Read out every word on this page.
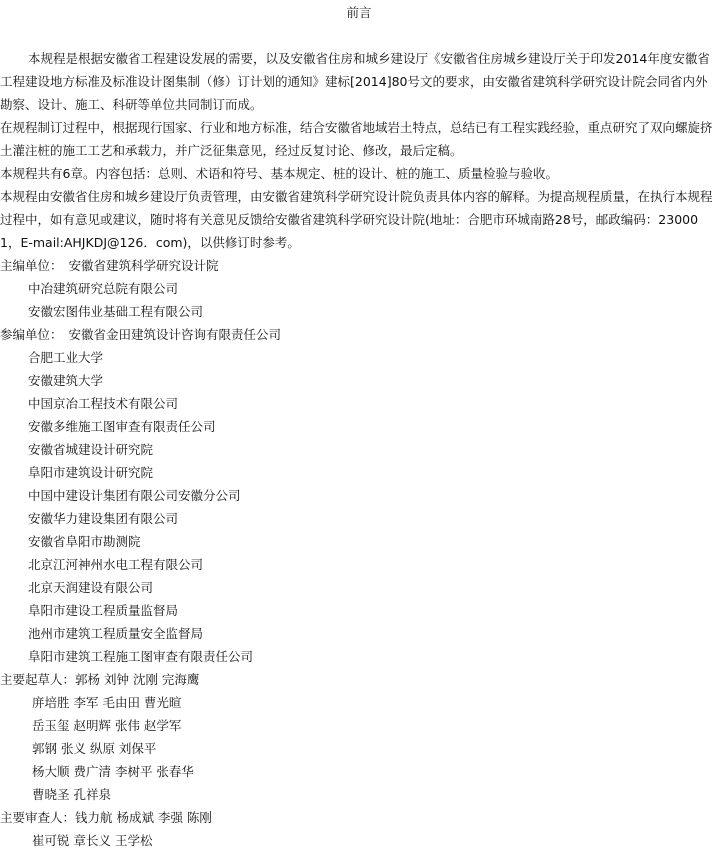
前言

本规程是根据安徽省工程建设发展的需要，以及安徽省住房和城乡建设厅《安徽省住房城乡建设厅关于印发2014年度安徽省工程建设地方标准及标准设计图集制（修）订计划的通知》建标[2014]80号文的要求，由安徽省建筑科学研究设计院会同省内外勘察、设计、施工、科研等单位共同制订而成。

在规程制订过程中，根据现行国家、行业和地方标准，结合安徽省地域岩土特点，总结已有工程实践经验，重点研究了双向螺旋挤土灌注桩的施工工艺和承载力，并广泛征集意见，经过反复讨论、修改，最后定稿。

本规程共有6章。内容包括：总则、术语和符号、基本规定、桩的设计、桩的施工、质量检验与验收。

本规程由安徽省住房和城乡建设厅负责管理，由安徽省建筑科学研究设计院负责具体内容的解释。为提高规程质量，在执行本规程过程中，如有意见或建议，随时将有关意见反馈给安徽省建筑科学研究设计院(地址：合肥市环城南路28号，邮政编码：230001，E-mail:AHJKDJ@126．com)，以供修订时参考。

主编单位： 安徽省建筑科学研究设计院
中冶建筑研究总院有限公司
安徽宏图伟业基础工程有限公司
参编单位： 安徽省金田建筑设计咨询有限责任公司
合肥工业大学
安徽建筑大学
中国京冶工程技术有限公司
安徽多维施工图审查有限责任公司
安徽省城建设计研究院
阜阳市建筑设计研究院
中国中建设计集团有限公司安徽分公司
安徽华力建设集团有限公司
安徽省阜阳市勘测院
北京江河神州水电工程有限公司
北京天润建设有限公司
阜阳市建设工程质量监督局
池州市建筑工程质量安全监督局
阜阳市建筑工程施工图审查有限责任公司
主要起草人：郭杨 刘钟 沈刚 完海鹰
庰培胜 李军 毛由田 曹光暄
岳玉玺 赵明辉 张伟 赵学军
郭钢 张义 纵原 刘保平
杨大顺 费广清 李树平 张春华
曹晓圣 孔祥泉
主要审查人：钱力航 杨成斌 李强 陈刚
崔可锐 章长义 王学松
